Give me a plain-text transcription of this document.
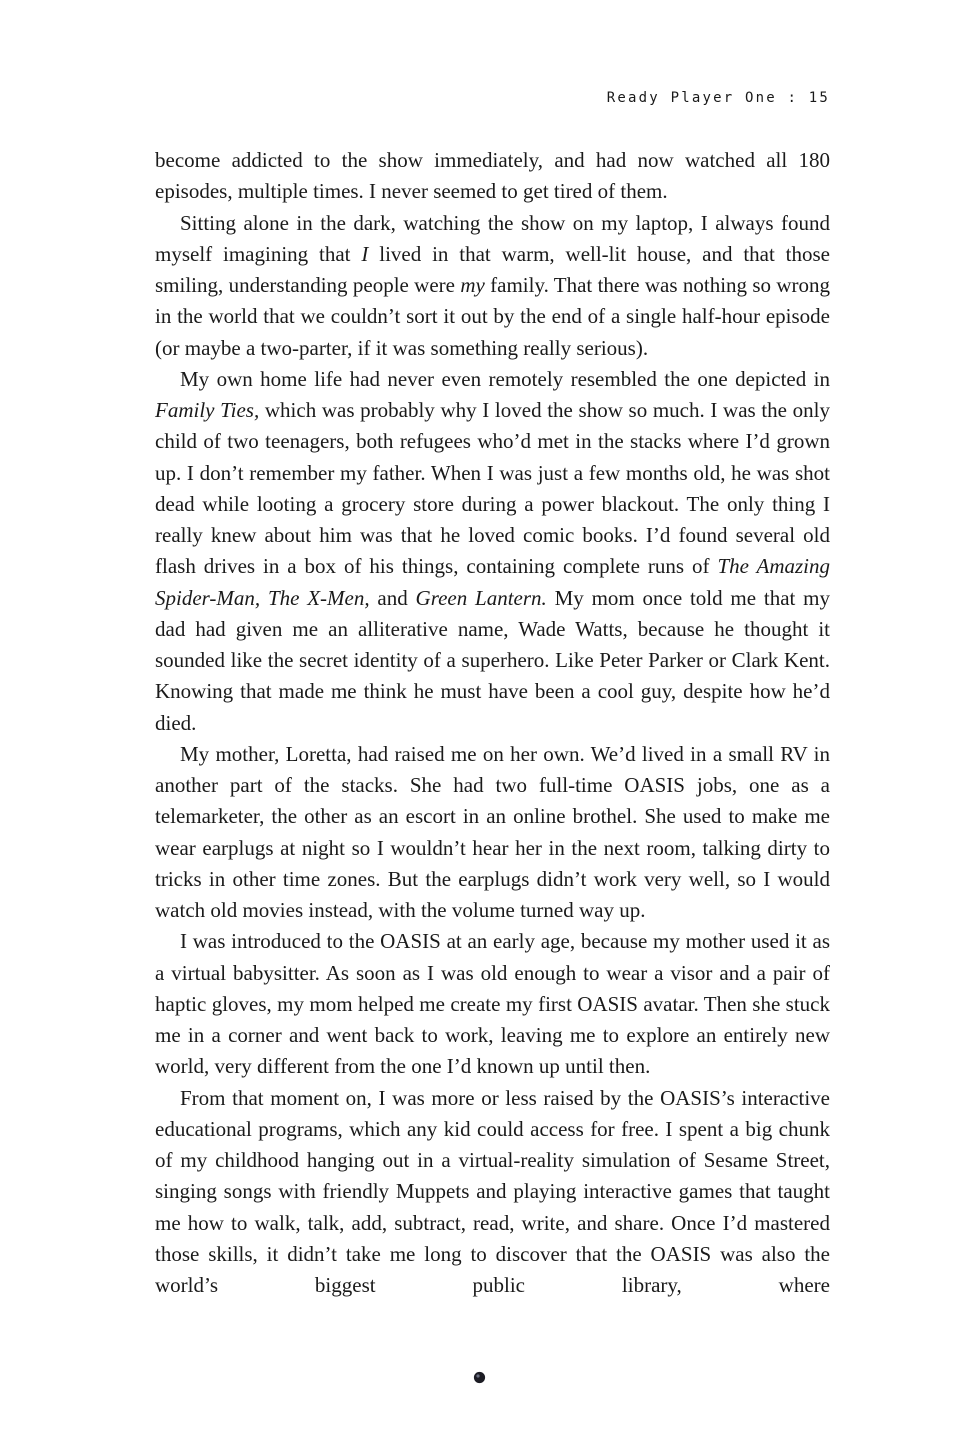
Ready Player One : 15

become addicted to the show immediately, and had now watched all 180 episodes, multiple times. I never seemed to get tired of them.

Sitting alone in the dark, watching the show on my laptop, I always found myself imagining that I lived in that warm, well-lit house, and that those smiling, understanding people were my family. That there was nothing so wrong in the world that we couldn’t sort it out by the end of a single half-hour episode (or maybe a two-parter, if it was something really serious).

My own home life had never even remotely resembled the one depicted in Family Ties, which was probably why I loved the show so much. I was the only child of two teenagers, both refugees who’d met in the stacks where I’d grown up. I don’t remember my father. When I was just a few months old, he was shot dead while looting a grocery store during a power blackout. The only thing I really knew about him was that he loved comic books. I’d found several old flash drives in a box of his things, containing complete runs of The Amazing Spider-Man, The X-Men, and Green Lantern. My mom once told me that my dad had given me an alliterative name, Wade Watts, because he thought it sounded like the secret identity of a superhero. Like Peter Parker or Clark Kent. Knowing that made me think he must have been a cool guy, despite how he’d died.

My mother, Loretta, had raised me on her own. We’d lived in a small RV in another part of the stacks. She had two full-time OASIS jobs, one as a telemarketer, the other as an escort in an online brothel. She used to make me wear earplugs at night so I wouldn’t hear her in the next room, talking dirty to tricks in other time zones. But the earplugs didn’t work very well, so I would watch old movies instead, with the volume turned way up.

I was introduced to the OASIS at an early age, because my mother used it as a virtual babysitter. As soon as I was old enough to wear a visor and a pair of haptic gloves, my mom helped me create my first OASIS avatar. Then she stuck me in a corner and went back to work, leaving me to explore an entirely new world, very different from the one I’d known up until then.

From that moment on, I was more or less raised by the OASIS’s interactive educational programs, which any kid could access for free. I spent a big chunk of my childhood hanging out in a virtual-reality simulation of Sesame Street, singing songs with friendly Muppets and playing interactive games that taught me how to walk, talk, add, subtract, read, write, and share. Once I’d mastered those skills, it didn’t take me long to discover that the OASIS was also the world’s biggest public library, where
